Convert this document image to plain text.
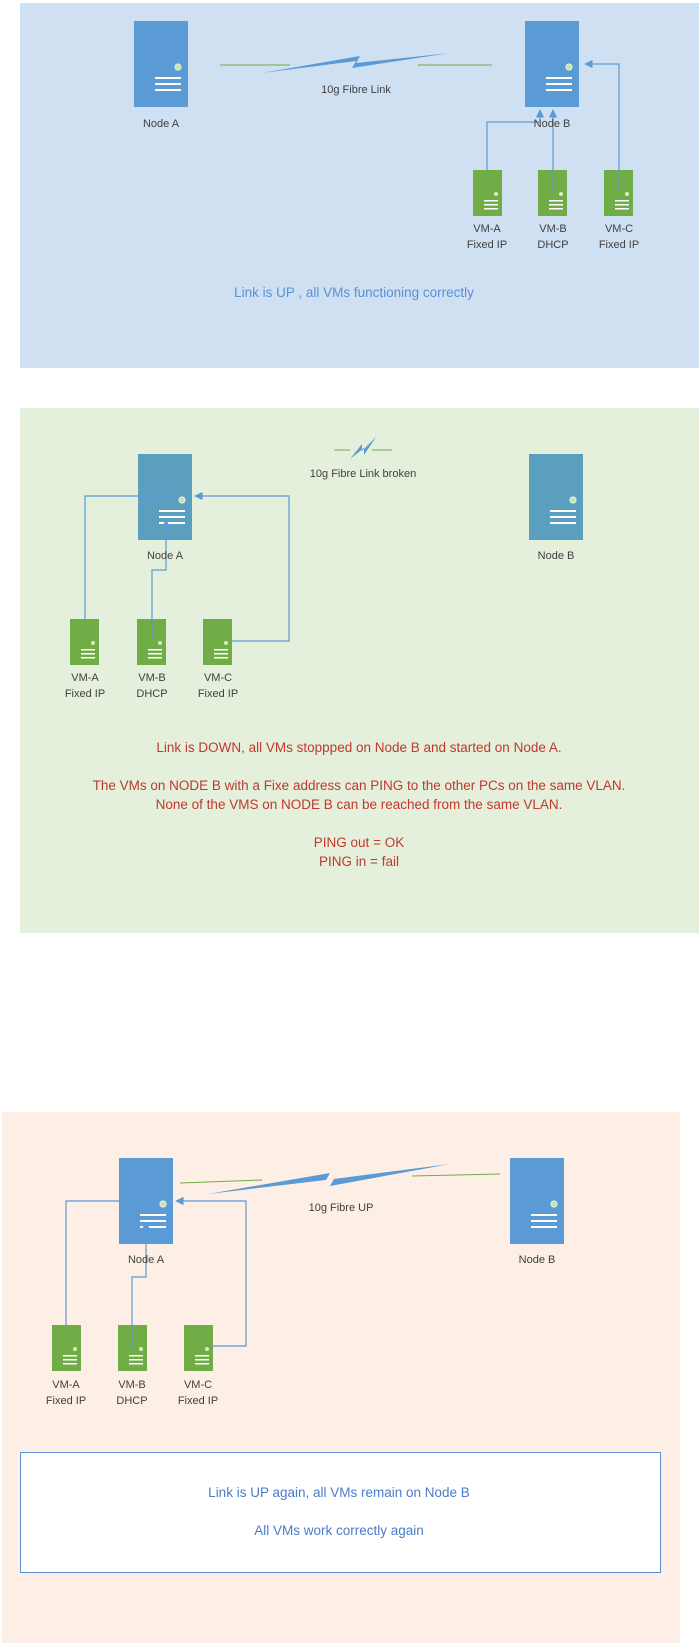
Node A	Node B
10g Fibre Link
VM-A
Fixed IP
VM-B
DHCP
VM-C
Fixed IP
Link is UP , all VMs functioning correctly
Node A	Node B
10g Fibre Link broken
VM-A
Fixed IP
VM-B
DHCP
VM-C
Fixed IP
Link is DOWN, all VMs stoppped on Node B and started on Node A.
The VMs on NODE B with a Fixe address can PING to the other PCs on the same VLAN.
None of the VMS on NODE B can be reached from the same VLAN.
PING out = OK
PING in = fail
Node A	Node B
10g Fibre UP
VM-A
Fixed IP
VM-B
DHCP
VM-C
Fixed IP
Link is UP again, all VMs remain on Node B
All VMs work correctly again
